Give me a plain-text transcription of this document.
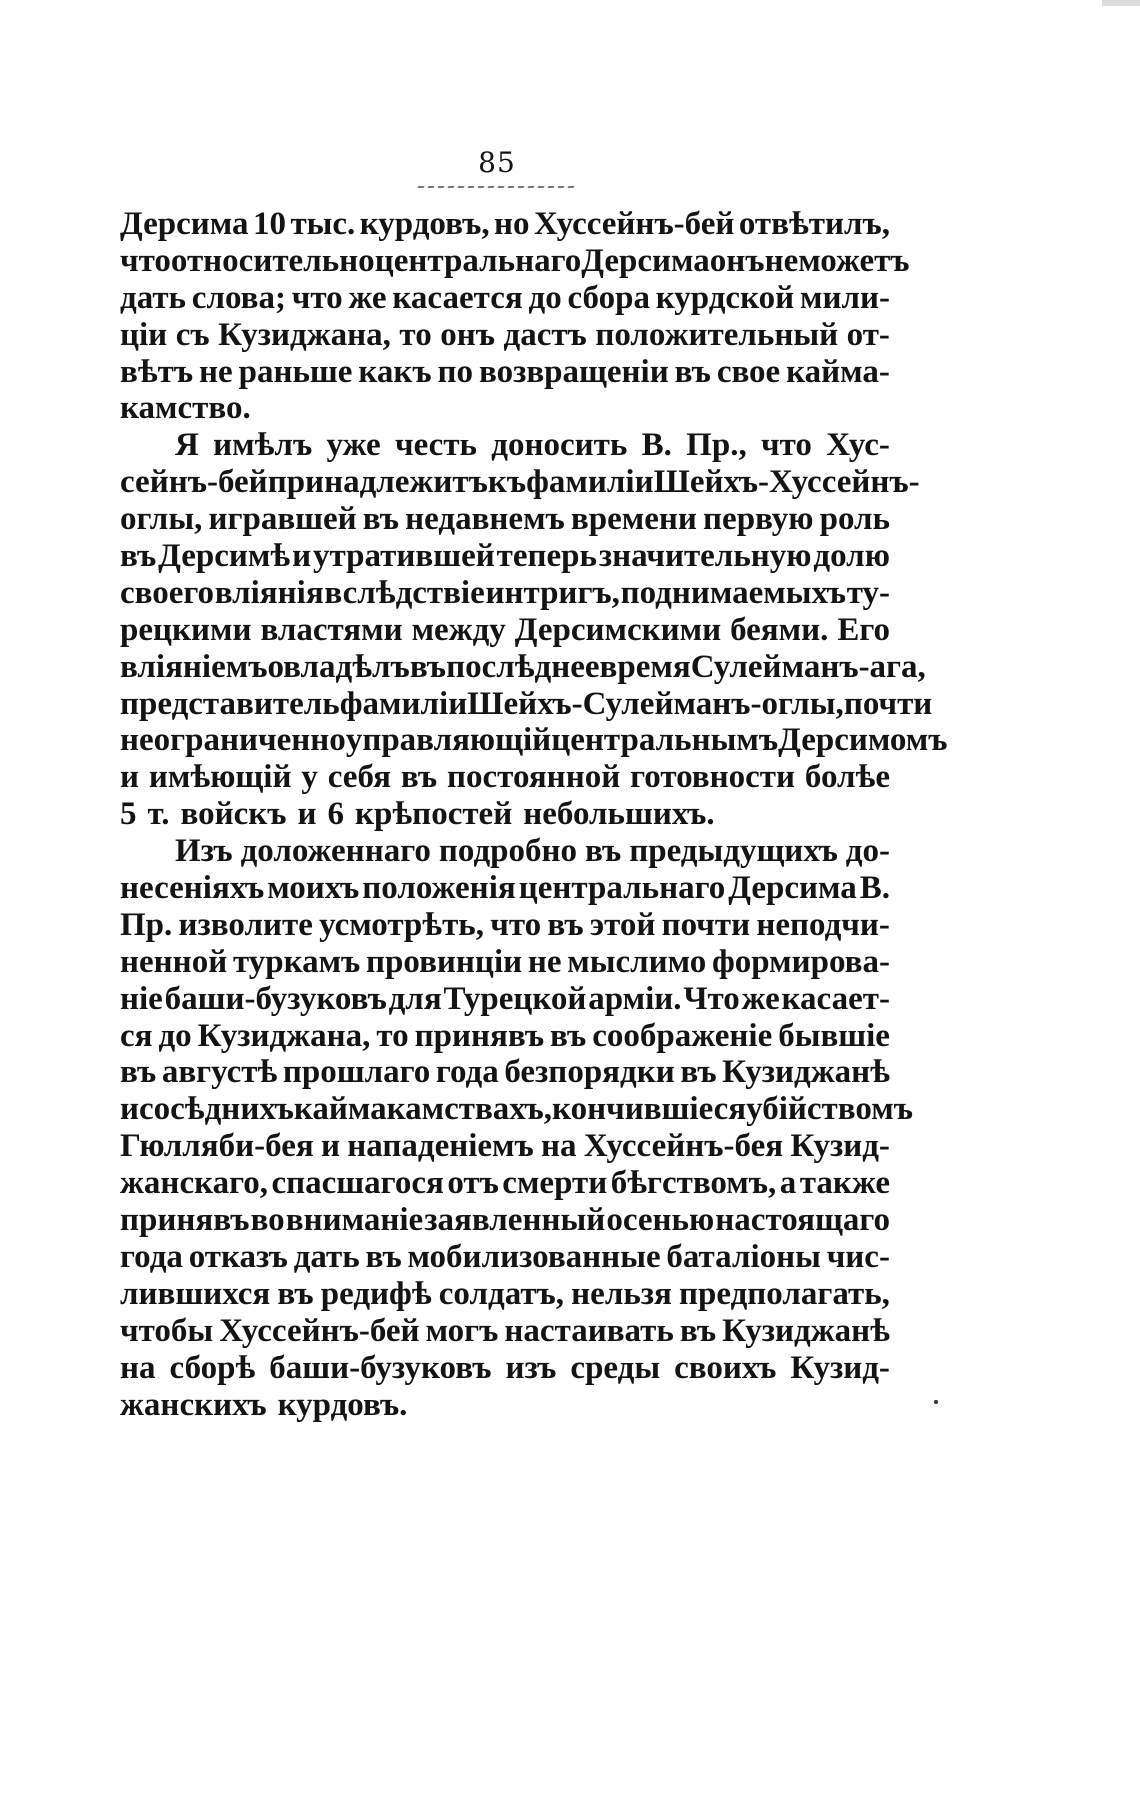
85
Дерсима 10 тыс. курдовъ, но Хуссейнъ-бей отвѣтилъ,
что относительно центральнаго Дерсима онъ не можетъ
дать слова; что же касается до сбора курдской мили-
ціи съ Кузиджана, то онъ дастъ положительный от-
вѣтъ не раньше какъ по возвращеніи въ свое кайма-
камство.
Я имѣлъ уже честь доносить В. Пр., что Хус-
сейнъ-бей принадлежитъ къ фамиліи Шейхъ-Хуссейнъ-
оглы, игравшей въ недавнемъ времени первую роль
въ Дерсимѣ и утратившей теперь значительную долю
своего вліянія вслѣдствіе интригъ, поднимаемыхъ ту-
рецкими властями между Дерсимскими беями. Его
вліяніемъ овладѣлъ въ послѣднее время Сулейманъ-ага,
представитель фамиліи Шейхъ-Сулейманъ-оглы, почти
неограниченно управляющій центральнымъ Дерсимомъ
и имѣющій у себя въ постоянной готовности болѣе
5 т. войскъ и 6 крѣпостей небольшихъ.
Изъ доложеннаго подробно въ предыдущихъ до-
несеніяхъ моихъ положенія центральнаго Дерсима В.
Пр. изволите усмотрѣть, что въ этой почти неподчи-
ненной туркамъ провинціи не мыслимо формирова-
ніе баши-бузуковъ для Турецкой арміи. Что же касает-
ся до Кузиджана, то принявъ въ соображеніе бывшіе
въ августѣ прошлаго года безпорядки въ Кузиджанѣ
и сосѣднихъ каймакамствахъ, кончившіеся убійствомъ
Гюлляби-бея и нападеніемъ на Хуссейнъ-бея Кузид-
жанскаго, спасшагося отъ смерти бѣгствомъ, а также
принявъ во вниманіе заявленный осенью настоящаго
года отказъ дать въ мобилизованные баталіоны чис-
лившихся въ редифѣ солдатъ, нельзя предполагать,
чтобы Хуссейнъ-бей могъ настаивать въ Кузиджанѣ
на сборѣ баши-бузуковъ изъ среды своихъ Кузид-
жанскихъ курдовъ.
